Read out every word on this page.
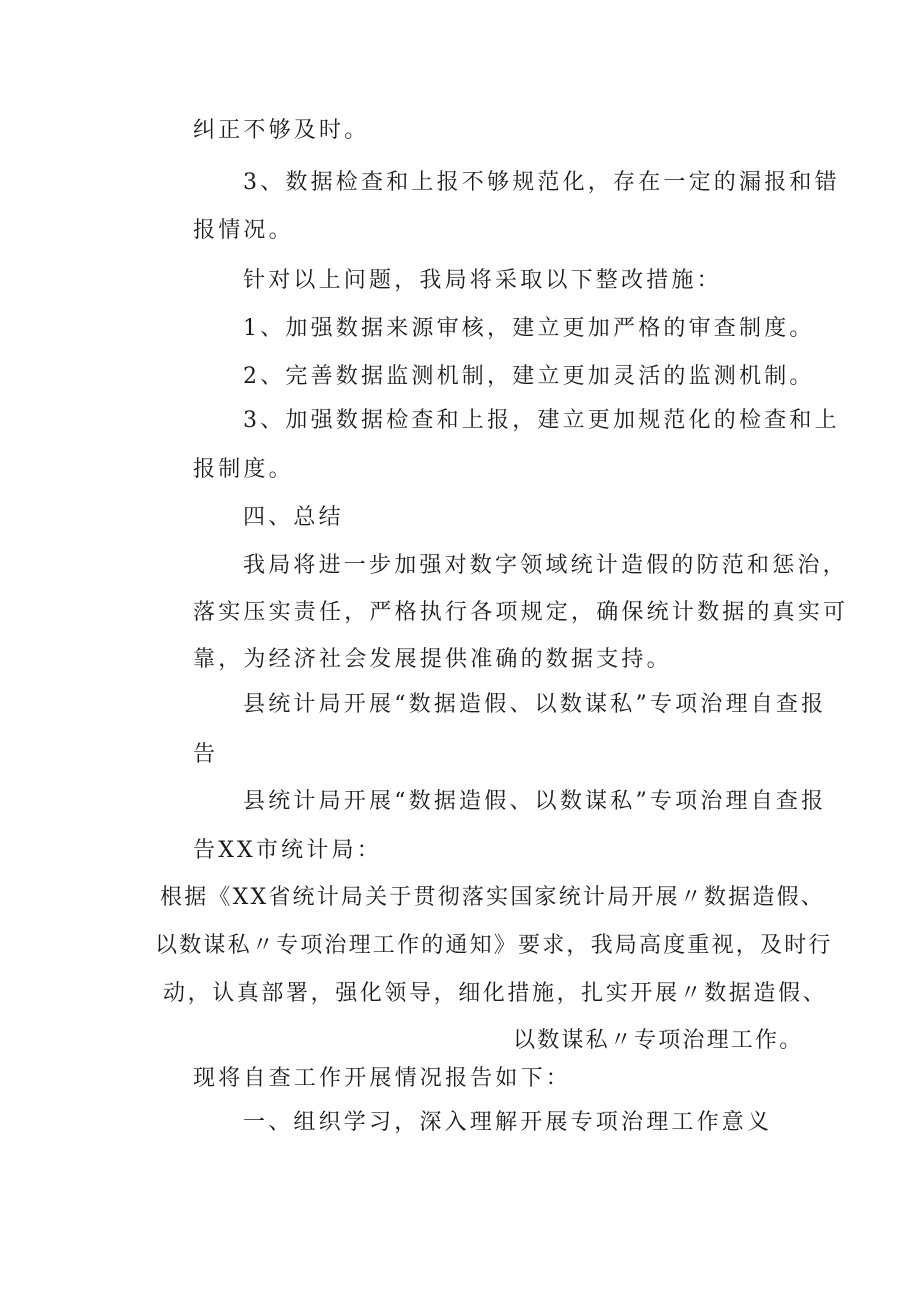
纠正不够及时。
3、数据检查和上报不够规范化，存在一定的漏报和错
报情况。
针对以上问题，我局将采取以下整改措施：
1、加强数据来源审核，建立更加严格的审查制度。
2、完善数据监测机制，建立更加灵活的监测机制。
3、加强数据检查和上报，建立更加规范化的检查和上
报制度。
四、总结
我局将进一步加强对数字领域统计造假的防范和惩治，
落实压实责任，严格执行各项规定，确保统计数据的真实可
靠，为经济社会发展提供准确的数据支持。
县统计局开展“数据造假、以数谋私”专项治理自查报
告
县统计局开展“数据造假、以数谋私”专项治理自查报
告XX市统计局：
根据《XX省统计局关于贯彻落实国家统计局开展〃数据造假、
以数谋私〃专项治理工作的通知》要求，我局高度重视，及时行
动，认真部署，强化领导，细化措施，扎实开展〃数据造假、
以数谋私〃专项治理工作。
现将自查工作开展情况报告如下：
一、组织学习，深入理解开展专项治理工作意义
